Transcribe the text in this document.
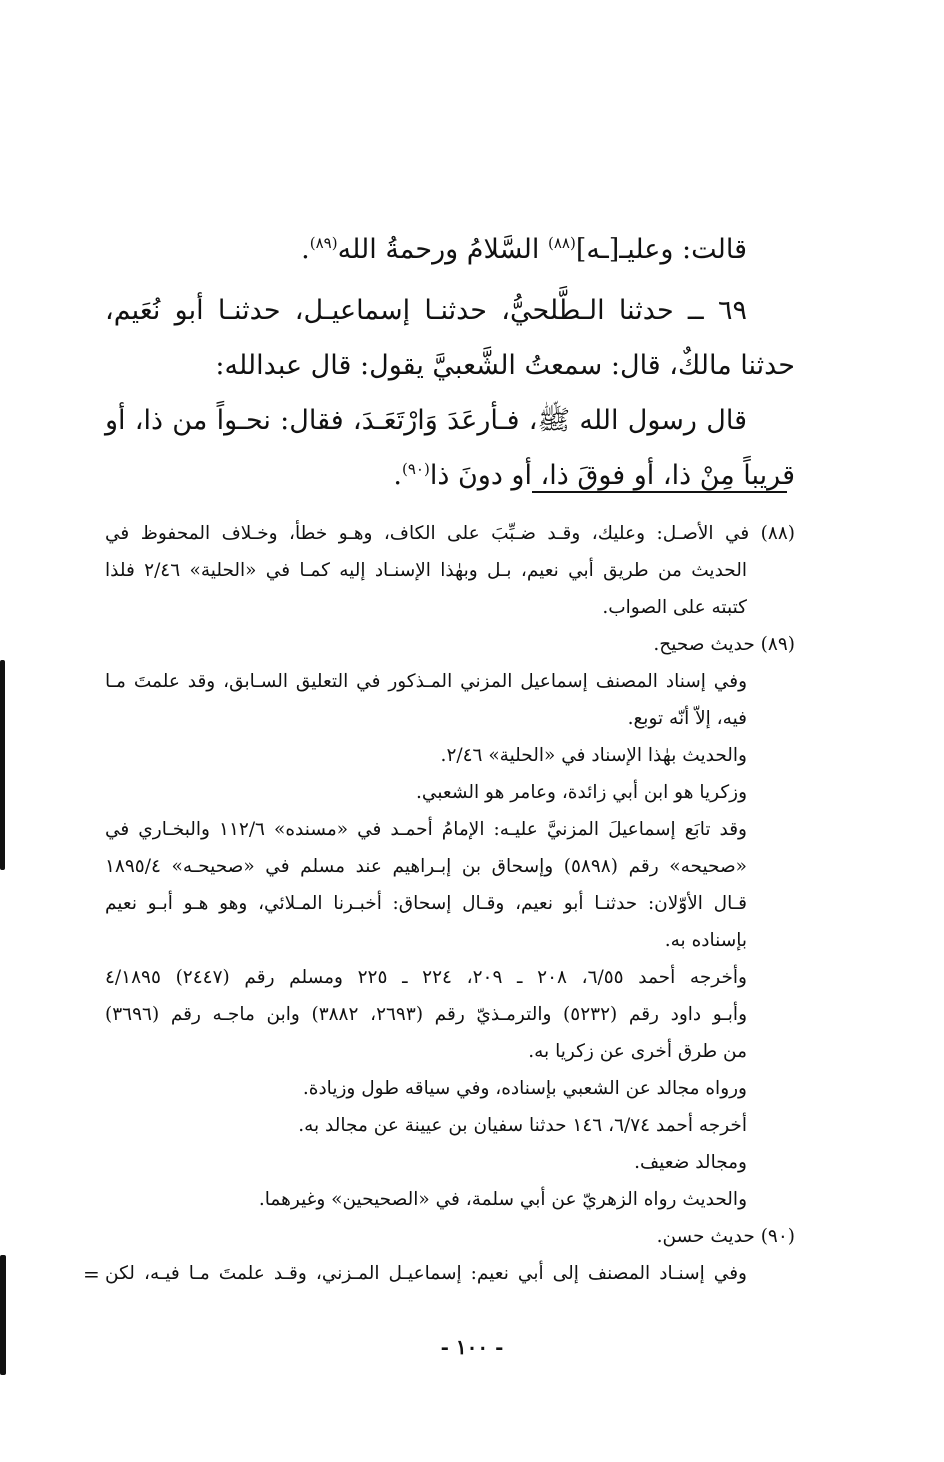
قالت: وعليـ[ـه]$^{(٨٨)}$ السَّلامُ ورحمةُ الله$^{(٨٩)}$.
٦٩ ــ حدثنا الـطَّلحيُّ، حدثنـا إسماعيـل، حدثنـا أبو نُعَيم،
حدثنا مالكٌ، قال: سمعتُ الشَّعبيَّ يقول: قال عبدالله:
قال رسول الله ﷺ، فـأرعَدَ وَارْتَعَـدَ، فقال: نحـواً من ذا، أو
قريباً مِنْ ذا، أو فوقَ ذا، أو دونَ ذا$^{(٩٠)}$.
(٨٨) في الأصـل: وعليك، وقـد ضـبِّبَ على الكاف، وهـو خطأ، وخـلاف المحفوظ في
الحديث من طريق أبي نعيم، بـل وبهٰذا الإسنـاد إليه كمـا في «الحلية» ٢/٤٦ فلذا
كتبته على الصواب.
(٨٩) حديث صحيح.
وفي إسناد المصنف إسماعيل المزني المـذكور في التعليق السـابق، وقد علمتَ مـا
فيه، إلاّ أنّه توبع.
والحديث بهٰذا الإسناد في «الحلية» ٢/٤٦.
وزكريا هو ابن أبي زائدة، وعامر هو الشعبي.
وقد تابَع إسماعيلَ المزنيَّ عليـه: الإمامُ أحمـد في «مسنده» ١١٢/٦ والبخـاري في
«صحيحه» رقم (٥٨٩٨) وإسحاق بن إبـراهيم عند مسلم في «صحيحـه» ١٨٩٥/٤
قـال الأوّلان: حدثنـا أبو نعيم، وقـال إسحاق: أخبـرنا المـلائي، وهو هـو أبـو نعيم
بإسناده به.
وأخرجه أحمد ٦/٥٥، ٢٠٨ ـ ٢٠٩، ٢٢٤ ـ ٢٢٥ ومسلم رقم (٢٤٤٧) ٤/١٨٩٥
وأبـو داود رقم (٥٢٣٢) والترمـذيّ رقم (٢٦٩٣، ٣٨٨٢) وابن ماجـه رقم (٣٦٩٦)
من طرق أخرى عن زكريا به.
ورواه مجالد عن الشعبي بإسناده، وفي سياقه طول وزيادة.
أخرجه أحمد ٦/٧٤، ١٤٦ حدثنا سفيان بن عيينة عن مجالد به.
ومجالد ضعيف.
والحديث رواه الزهريّ عن أبي سلمة، في «الصحيحين» وغيرهما.
(٩٠) حديث حسن.
وفي إسنـاد المصنف إلى أبي نعيم: إسماعيـل المـزني، وقـد علمتَ مـا فيـه، لكن
=
- ١٠٠ -
